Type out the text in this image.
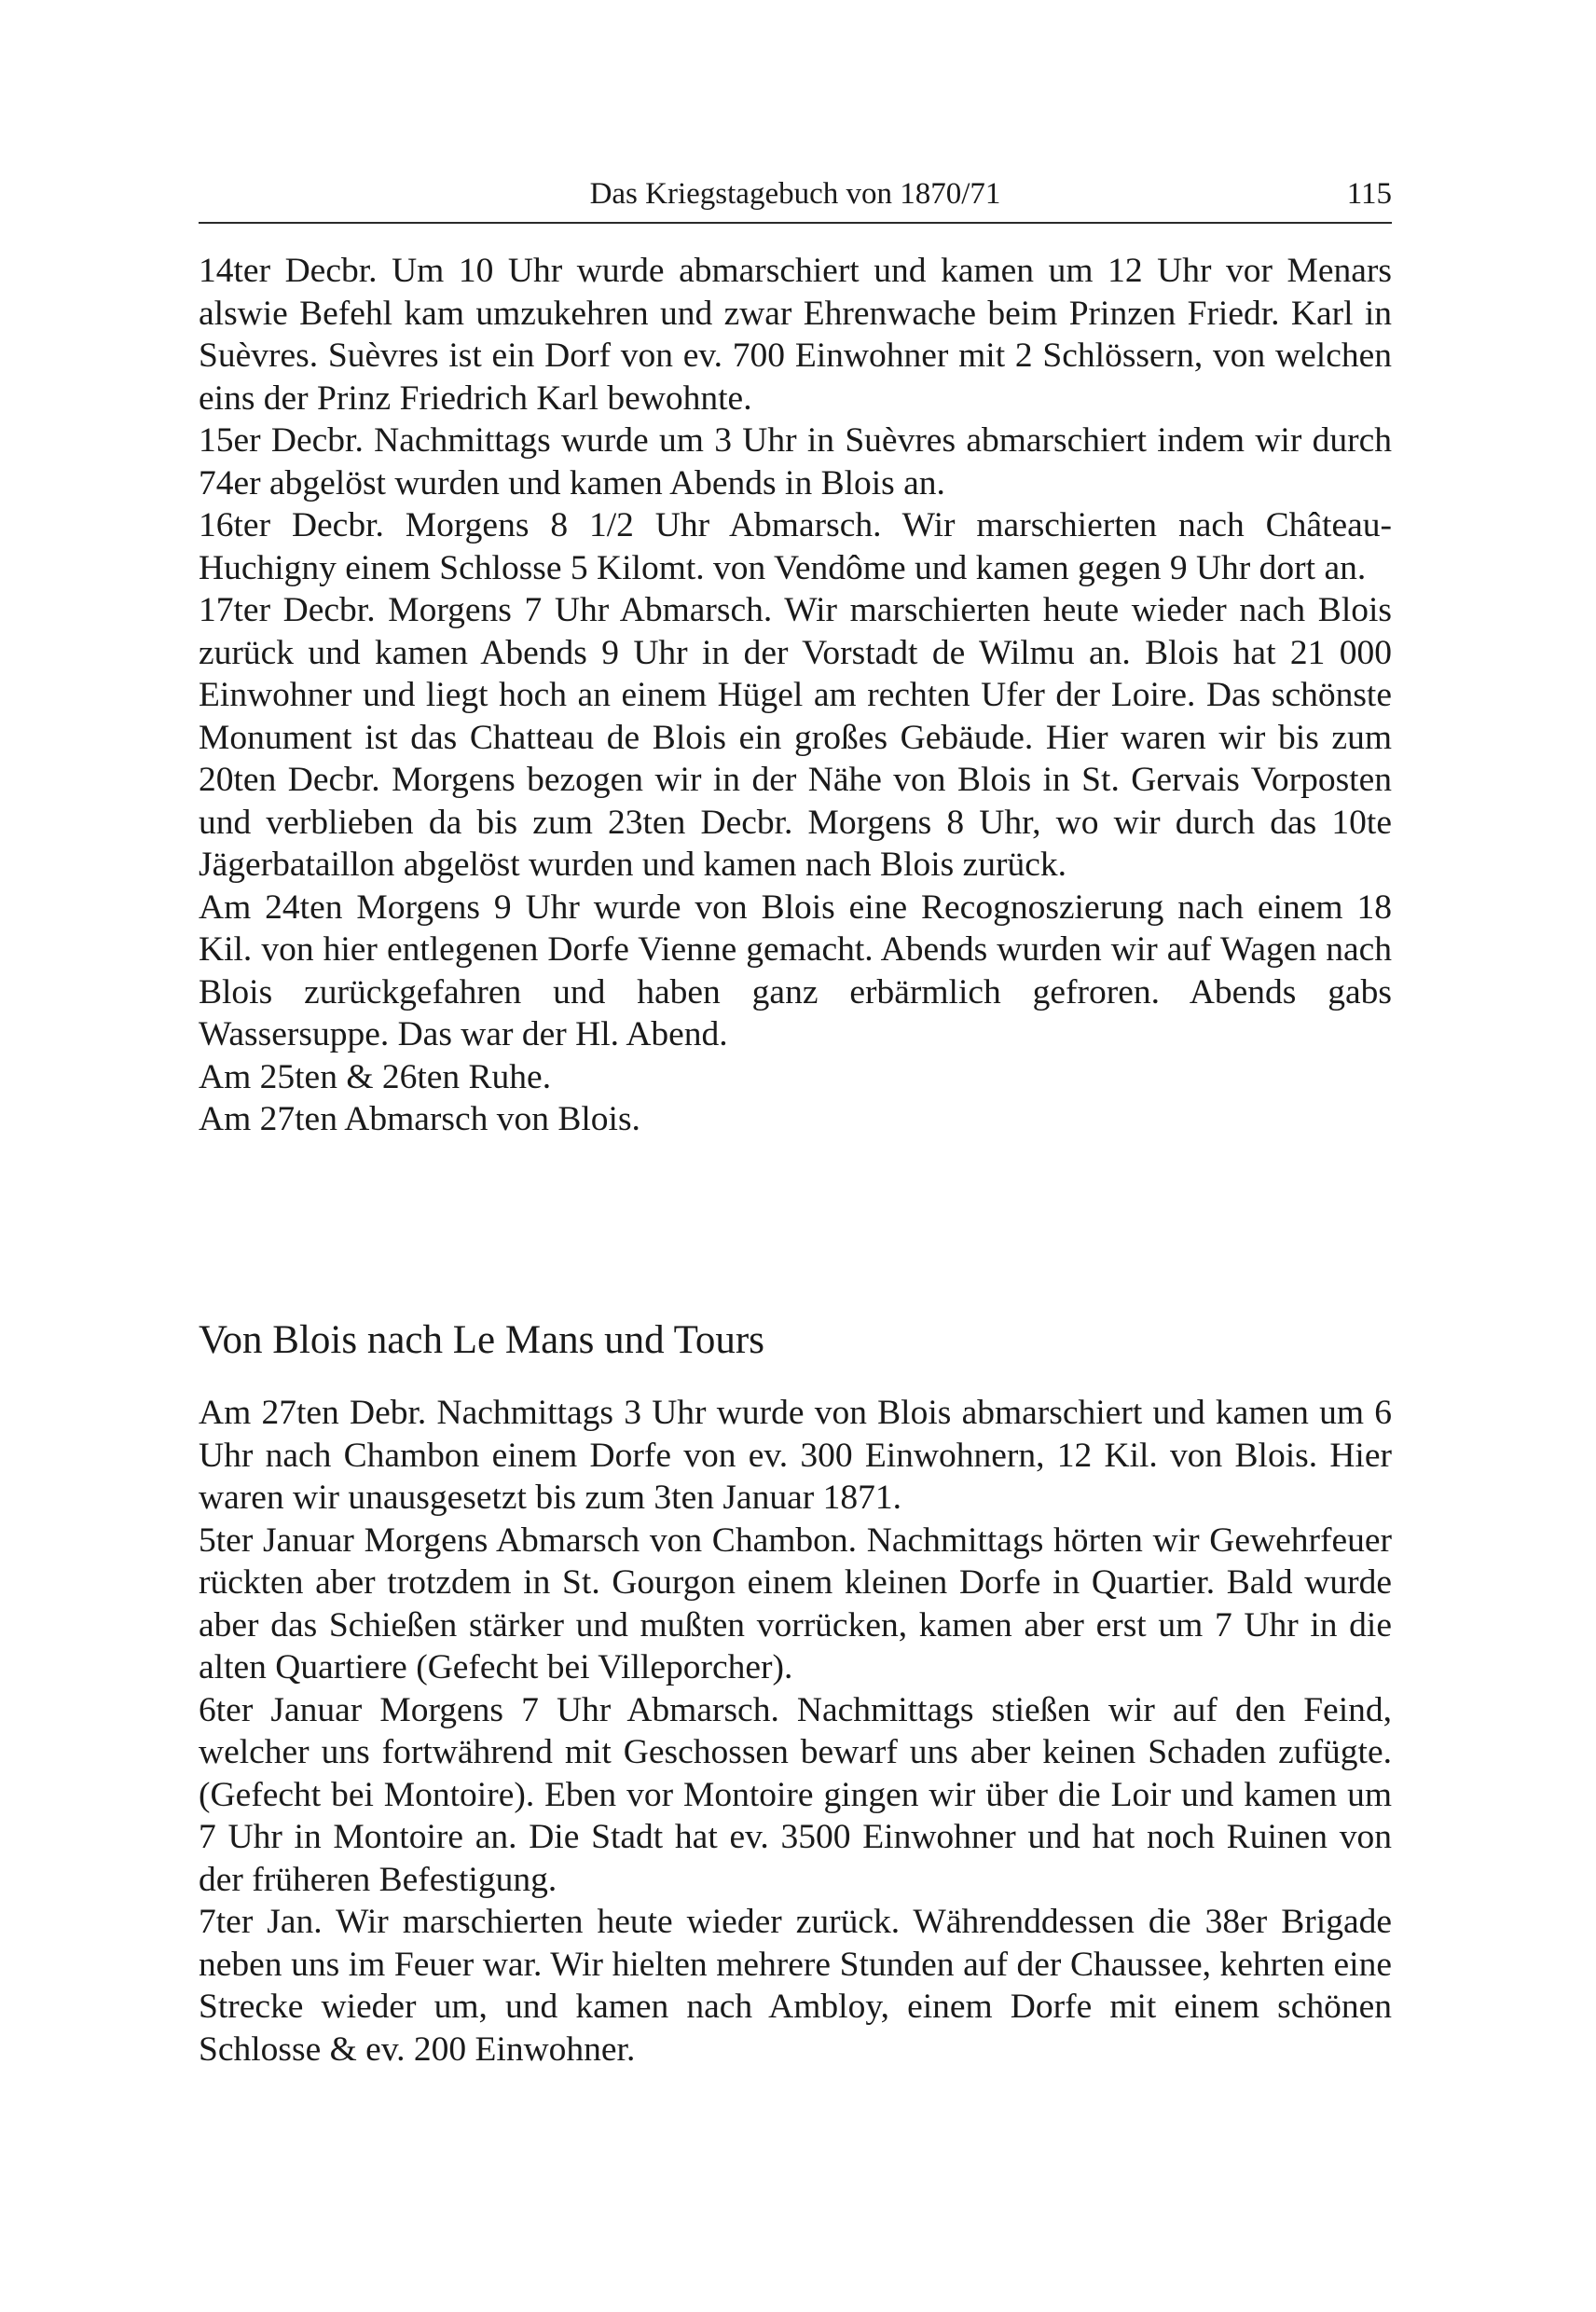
Das Kriegstagebuch von 1870/71	115

14ter Decbr. Um 10 Uhr wurde abmarschiert und kamen um 12 Uhr vor Menars alswie Befehl kam umzukehren und zwar Ehrenwache beim Prinzen Friedr. Karl in Suèvres. Suèvres ist ein Dorf von ev. 700 Einwohner mit 2 Schlössern, von welchen eins der Prinz Friedrich Karl bewohnte.

15er Decbr. Nachmittags wurde um 3 Uhr in Suèvres abmarschiert indem wir durch 74er abgelöst wurden und kamen Abends in Blois an.

16ter Decbr. Morgens 8 1/2 Uhr Abmarsch. Wir marschierten nach Château-Huchigny einem Schlosse 5 Kilomt. von Vendôme und kamen gegen 9 Uhr dort an.

17ter Decbr. Morgens 7 Uhr Abmarsch. Wir marschierten heute wieder nach Blois zurück und kamen Abends 9 Uhr in der Vorstadt de Wilmu an. Blois hat 21 000 Einwohner und liegt hoch an einem Hügel am rechten Ufer der Loire. Das schönste Monument ist das Chatteau de Blois ein großes Gebäude. Hier waren wir bis zum 20ten Decbr. Morgens bezogen wir in der Nähe von Blois in St. Gervais Vorposten und verblieben da bis zum 23ten Decbr. Morgens 8 Uhr, wo wir durch das 10te Jägerbataillon abgelöst wurden und kamen nach Blois zurück.

Am 24ten Morgens 9 Uhr wurde von Blois eine Recognoszierung nach einem 18 Kil. von hier entlegenen Dorfe Vienne gemacht. Abends wurden wir auf Wagen nach Blois zurückgefahren und haben ganz erbärmlich gefroren. Abends gabs Wassersuppe. Das war der Hl. Abend.

Am 25ten & 26ten Ruhe.

Am 27ten Abmarsch von Blois.

Von Blois nach Le Mans und Tours

Am 27ten Debr. Nachmittags 3 Uhr wurde von Blois abmarschiert und kamen um 6 Uhr nach Chambon einem Dorfe von ev. 300 Einwohnern, 12 Kil. von Blois. Hier waren wir unausgesetzt bis zum 3ten Januar 1871.

5ter Januar Morgens Abmarsch von Chambon. Nachmittags hörten wir Gewehrfeuer rückten aber trotzdem in St. Gourgon einem kleinen Dorfe in Quartier. Bald wurde aber das Schießen stärker und mußten vorrücken, kamen aber erst um 7 Uhr in die alten Quartiere (Gefecht bei Villeporcher).

6ter Januar Morgens 7 Uhr Abmarsch. Nachmittags stießen wir auf den Feind, welcher uns fortwährend mit Geschossen bewarf uns aber keinen Schaden zufügte. (Gefecht bei Montoire). Eben vor Montoire gingen wir über die Loir und kamen um 7 Uhr in Montoire an. Die Stadt hat ev. 3500 Einwohner und hat noch Ruinen von der früheren Befestigung.

7ter Jan. Wir marschierten heute wieder zurück. Währenddessen die 38er Brigade neben uns im Feuer war. Wir hielten mehrere Stunden auf der Chaussee, kehrten eine Strecke wieder um, und kamen nach Ambloy, einem Dorfe mit einem schönen Schlosse & ev. 200 Einwohner.
